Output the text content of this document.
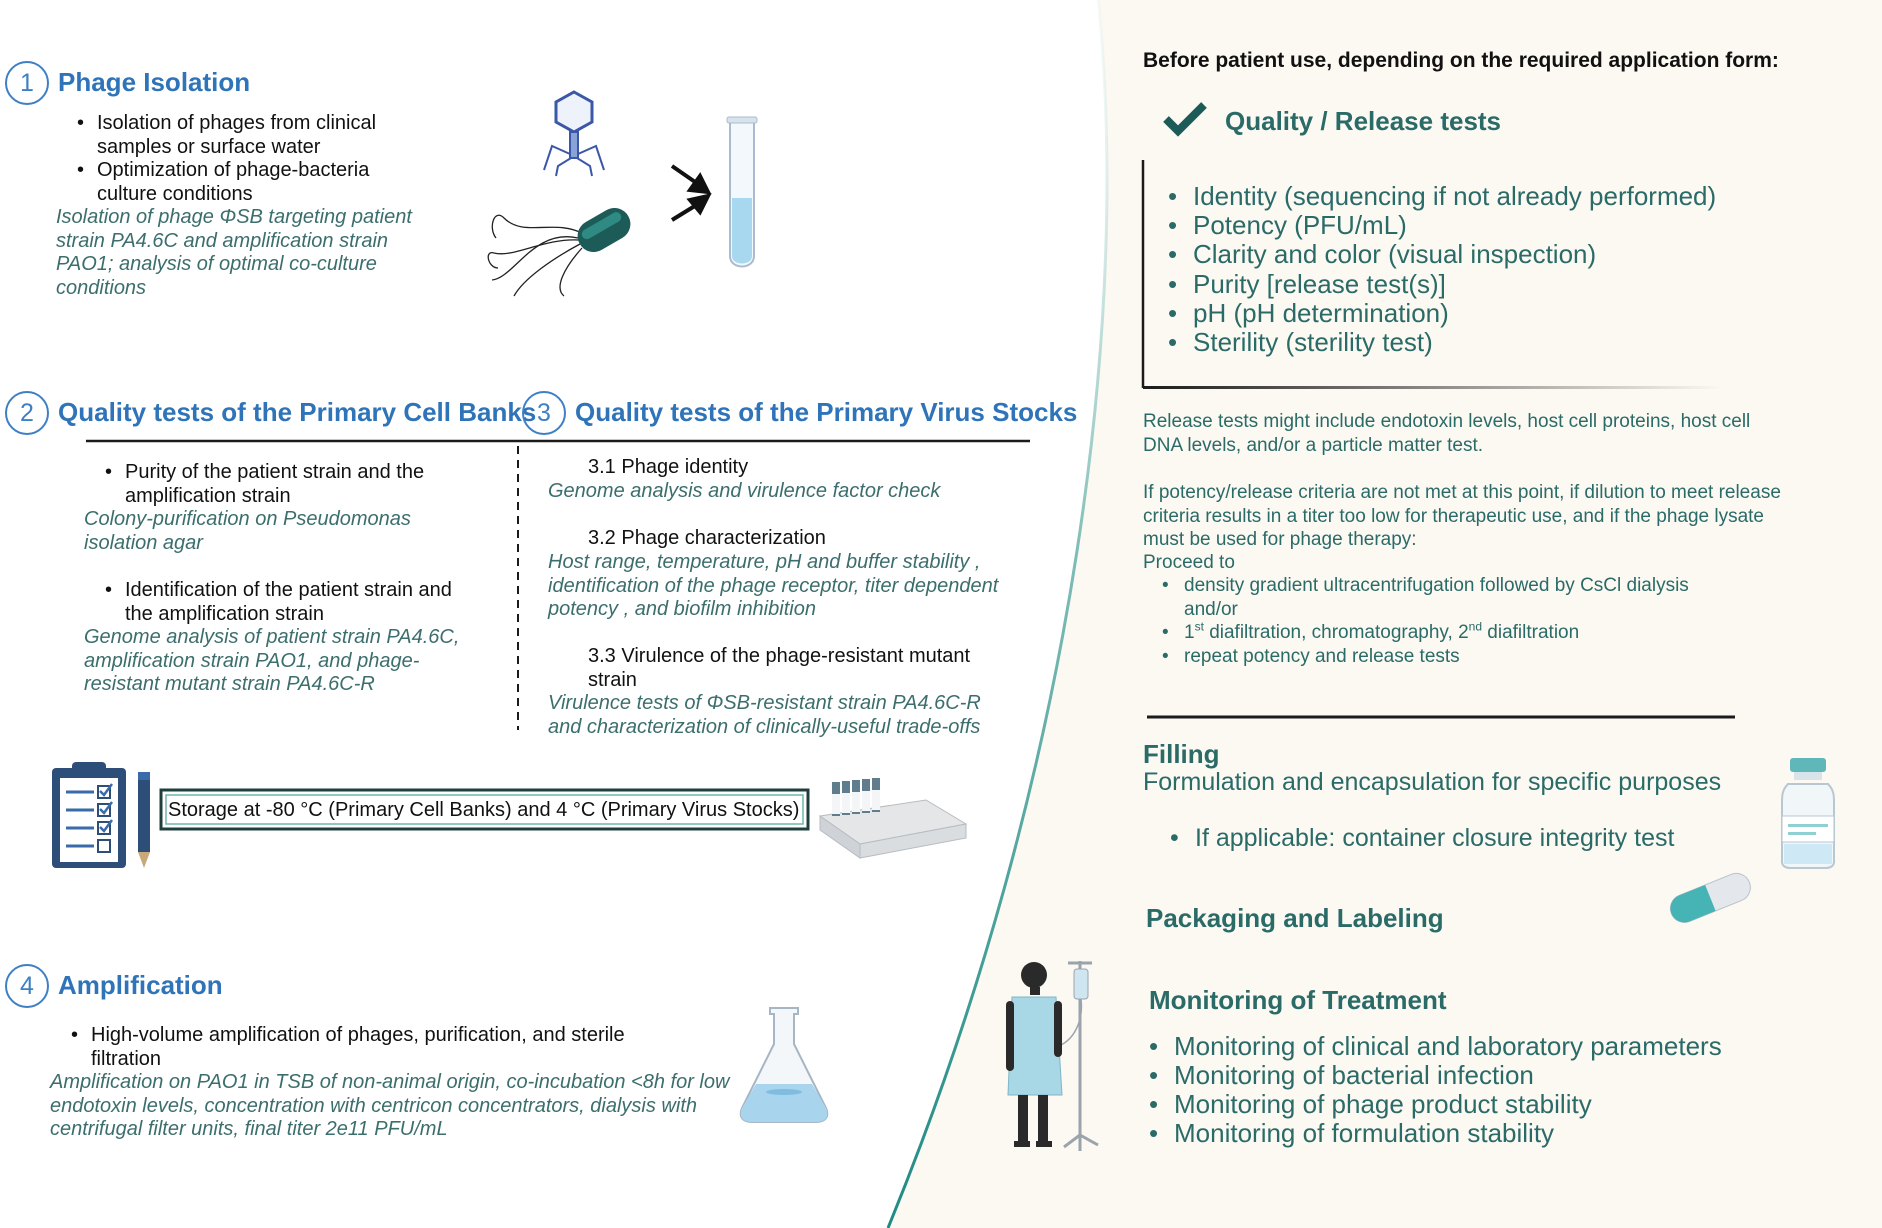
1 Phage Isolation
• Isolation of phages from clinical samples or surface water
• Optimization of phage-bacteria culture conditions
Isolation of phage ΦSB targeting patient strain PA4.6C and amplification strain PAO1; analysis of optimal co-culture conditions
2 Quality tests of the Primary Cell Banks
• Purity of the patient strain and the amplification strain
Colony-purification on Pseudomonas isolation agar
• Identification of the patient strain and the amplification strain
Genome analysis of patient strain PA4.6C, amplification strain PAO1, and phage-resistant mutant strain PA4.6C-R
3 Quality tests of the Primary Virus Stocks
3.1 Phage identity
Genome analysis and virulence factor check
3.2 Phage characterization
Host range, temperature, pH and buffer stability , identification of the phage receptor, titer dependent potency , and biofilm inhibition
3.3 Virulence of the phage-resistant mutant strain
Virulence tests of ΦSB-resistant strain PA4.6C-R and characterization of clinically-useful trade-offs
Storage at -80 °C (Primary Cell Banks) and 4 °C (Primary Virus Stocks)
4 Amplification
• High-volume amplification of phages, purification, and sterile filtration
Amplification on PAO1 in TSB of non-animal origin, co-incubation <8h for low endotoxin levels, concentration with centricon concentrators, dialysis with centrifugal filter units, final titer 2e11 PFU/mL
Before patient use, depending on the required application form:
Quality / Release tests
• Identity (sequencing if not already performed)
• Potency (PFU/mL)
• Clarity and color (visual inspection)
• Purity [release test(s)]
• pH (pH determination)
• Sterility (sterility test)
Release tests might include endotoxin levels, host cell proteins, host cell DNA levels, and/or a particle matter test.
If potency/release criteria are not met at this point, if dilution to meet release criteria results in a titer too low for therapeutic use, and if the phage lysate must be used for phage therapy:
Proceed to
• density gradient ultracentrifugation followed by CsCl dialysis
and/or
• 1st diafiltration, chromatography, 2nd diafiltration
• repeat potency and release tests
Filling
Formulation and encapsulation for specific purposes
• If applicable: container closure integrity test
Packaging and Labeling
Monitoring of Treatment
• Monitoring of clinical and laboratory parameters
• Monitoring of bacterial infection
• Monitoring of phage product stability
• Monitoring of formulation stability
